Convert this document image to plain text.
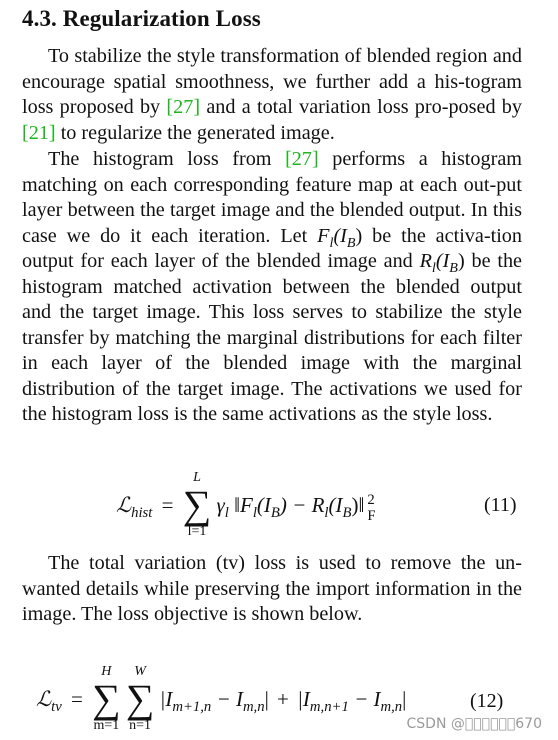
4.3. Regularization Loss
To stabilize the style transformation of blended region and encourage spatial smoothness, we further add a his-togram loss proposed by [27] and a total variation loss pro-posed by [21] to regularize the generated image.
The histogram loss from [27] performs a histogram matching on each corresponding feature map at each out-put layer between the target image and the blended output. In this case we do it each iteration. Let $F_l(I_B)$ be the activa-tion output for each layer of the blended image and $R_l(I_B)$ be the histogram matched activation between the blended output and the target image. This loss serves to stabilize the style transfer by matching the marginal distributions for each filter in each layer of the blended image with the marginal distribution of the target image. The activations we used for the histogram loss is the same activations as the style loss.
ℒ$_{hist}$ =
L
∑
l=1
$\gamma_l$ $‖F_l(I_B)$ − $R_l(I_B)‖$ 2
F	(11)
The total variation (tv) loss is used to remove the un-wanted details while preserving the import information in the image. The loss objective is shown below.
ℒ$_{tv}$ =
H
∑
m=1

W
∑
n=1
$|I_{m+1,n} - I_{m,n}| + |I_{m,n+1} - I_{m,n}|$	(12)
CSDN @      670
